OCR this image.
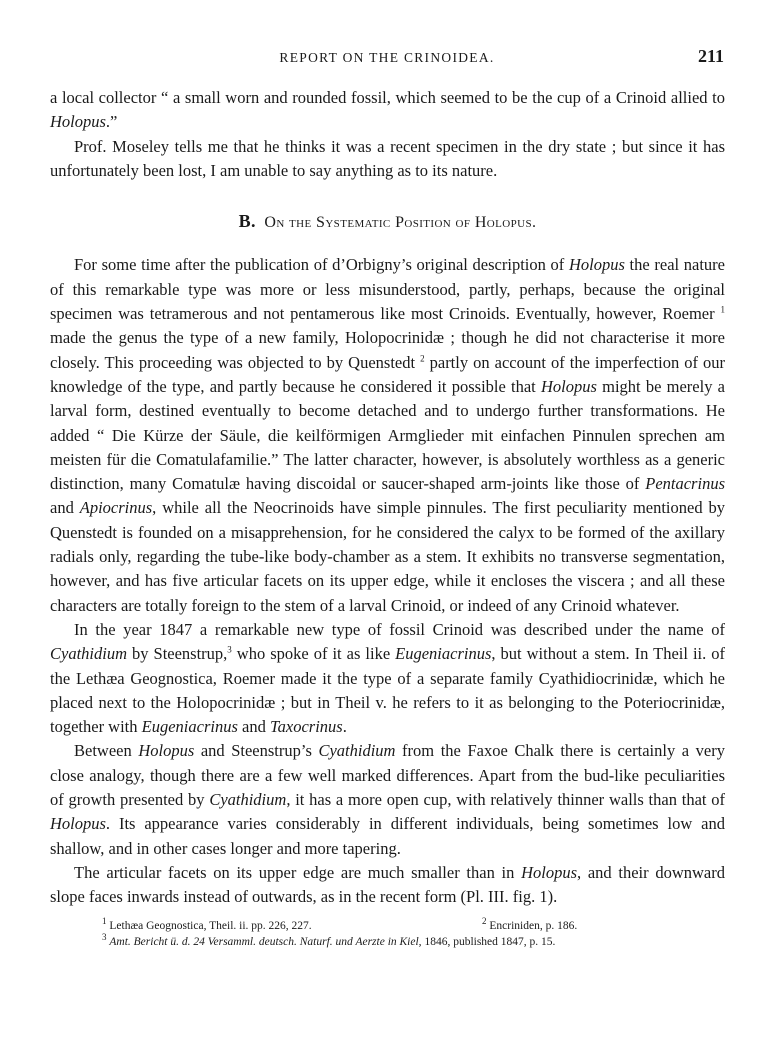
REPORT ON THE CRINOIDEA.	211

a local collector “ a small worn and rounded fossil, which seemed to be the cup of a Crinoid allied to Holopus.”

Prof. Moseley tells me that he thinks it was a recent specimen in the dry state ; but since it has unfortunately been lost, I am unable to say anything as to its nature.

B. On the Systematic Position of Holopus.

For some time after the publication of d’Orbigny’s original description of Holopus the real nature of this remarkable type was more or less misunderstood, partly, perhaps, because the original specimen was tetramerous and not pentamerous like most Crinoids. Eventually, however, Roemer $^1$ made the genus the type of a new family, Holopocrinidæ ; though he did not characterise it more closely. This proceeding was objected to by Quenstedt $^2$ partly on account of the imperfection of our knowledge of the type, and partly because he considered it possible that Holopus might be merely a larval form, destined eventually to become detached and to undergo further transformations. He added “ Die Kürze der Säule, die keilförmigen Armglieder mit einfachen Pinnulen sprechen am meisten für die Comatulafamilie.” The latter character, however, is absolutely worthless as a generic distinction, many Comatulæ having discoidal or saucer-shaped arm-joints like those of Pentacrinus and Apiocrinus, while all the Neocrinoids have simple pinnules. The first peculiarity mentioned by Quenstedt is founded on a misapprehension, for he considered the calyx to be formed of the axillary radials only, regarding the tube-like body-chamber as a stem. It exhibits no transverse segmentation, however, and has five articular facets on its upper edge, while it encloses the viscera ; and all these characters are totally foreign to the stem of a larval Crinoid, or indeed of any Crinoid whatever.

In the year 1847 a remarkable new type of fossil Crinoid was described under the name of Cyathidium by Steenstrup,$^3$ who spoke of it as like Eugeniacrinus, but without a stem. In Theil ii. of the Lethæa Geognostica, Roemer made it the type of a separate family Cyathidiocrinidæ, which he placed next to the Holopocrinidæ ; but in Theil v. he refers to it as belonging to the Poteriocrinidæ, together with Eugeniacrinus and Taxocrinus.

Between Holopus and Steenstrup’s Cyathidium from the Faxoe Chalk there is certainly a very close analogy, though there are a few well marked differences. Apart from the bud-like peculiarities of growth presented by Cyathidium, it has a more open cup, with relatively thinner walls than that of Holopus. Its appearance varies considerably in different individuals, being sometimes low and shallow, and in other cases longer and more tapering.

The articular facets on its upper edge are much smaller than in Holopus, and their downward slope faces inwards instead of outwards, as in the recent form (Pl. III. fig. 1).

$^1$ Lethæa Geognostica, Theil. ii. pp. 226, 227.	$^2$ Encriniden, p. 186.
$^3$ Amt. Bericht ü. d. 24 Versamml. deutsch. Naturf. und Aerzte in Kiel, 1846, published 1847, p. 15.
